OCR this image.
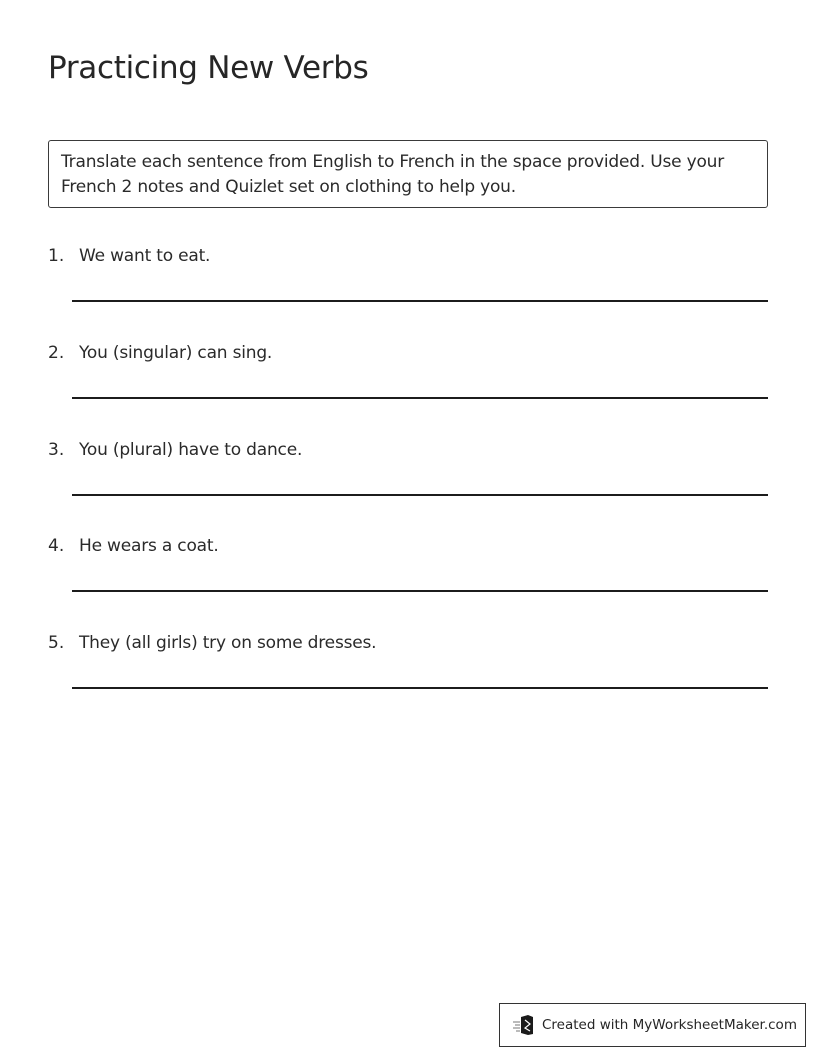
Practicing New Verbs
Translate each sentence from English to French in the space provided. Use your French 2 notes and Quizlet set on clothing to help you.
1. We want to eat.
2. You (singular) can sing.
3. You (plural) have to dance.
4. He wears a coat.
5. They (all girls) try on some dresses.
Created with MyWorksheetMaker.com
